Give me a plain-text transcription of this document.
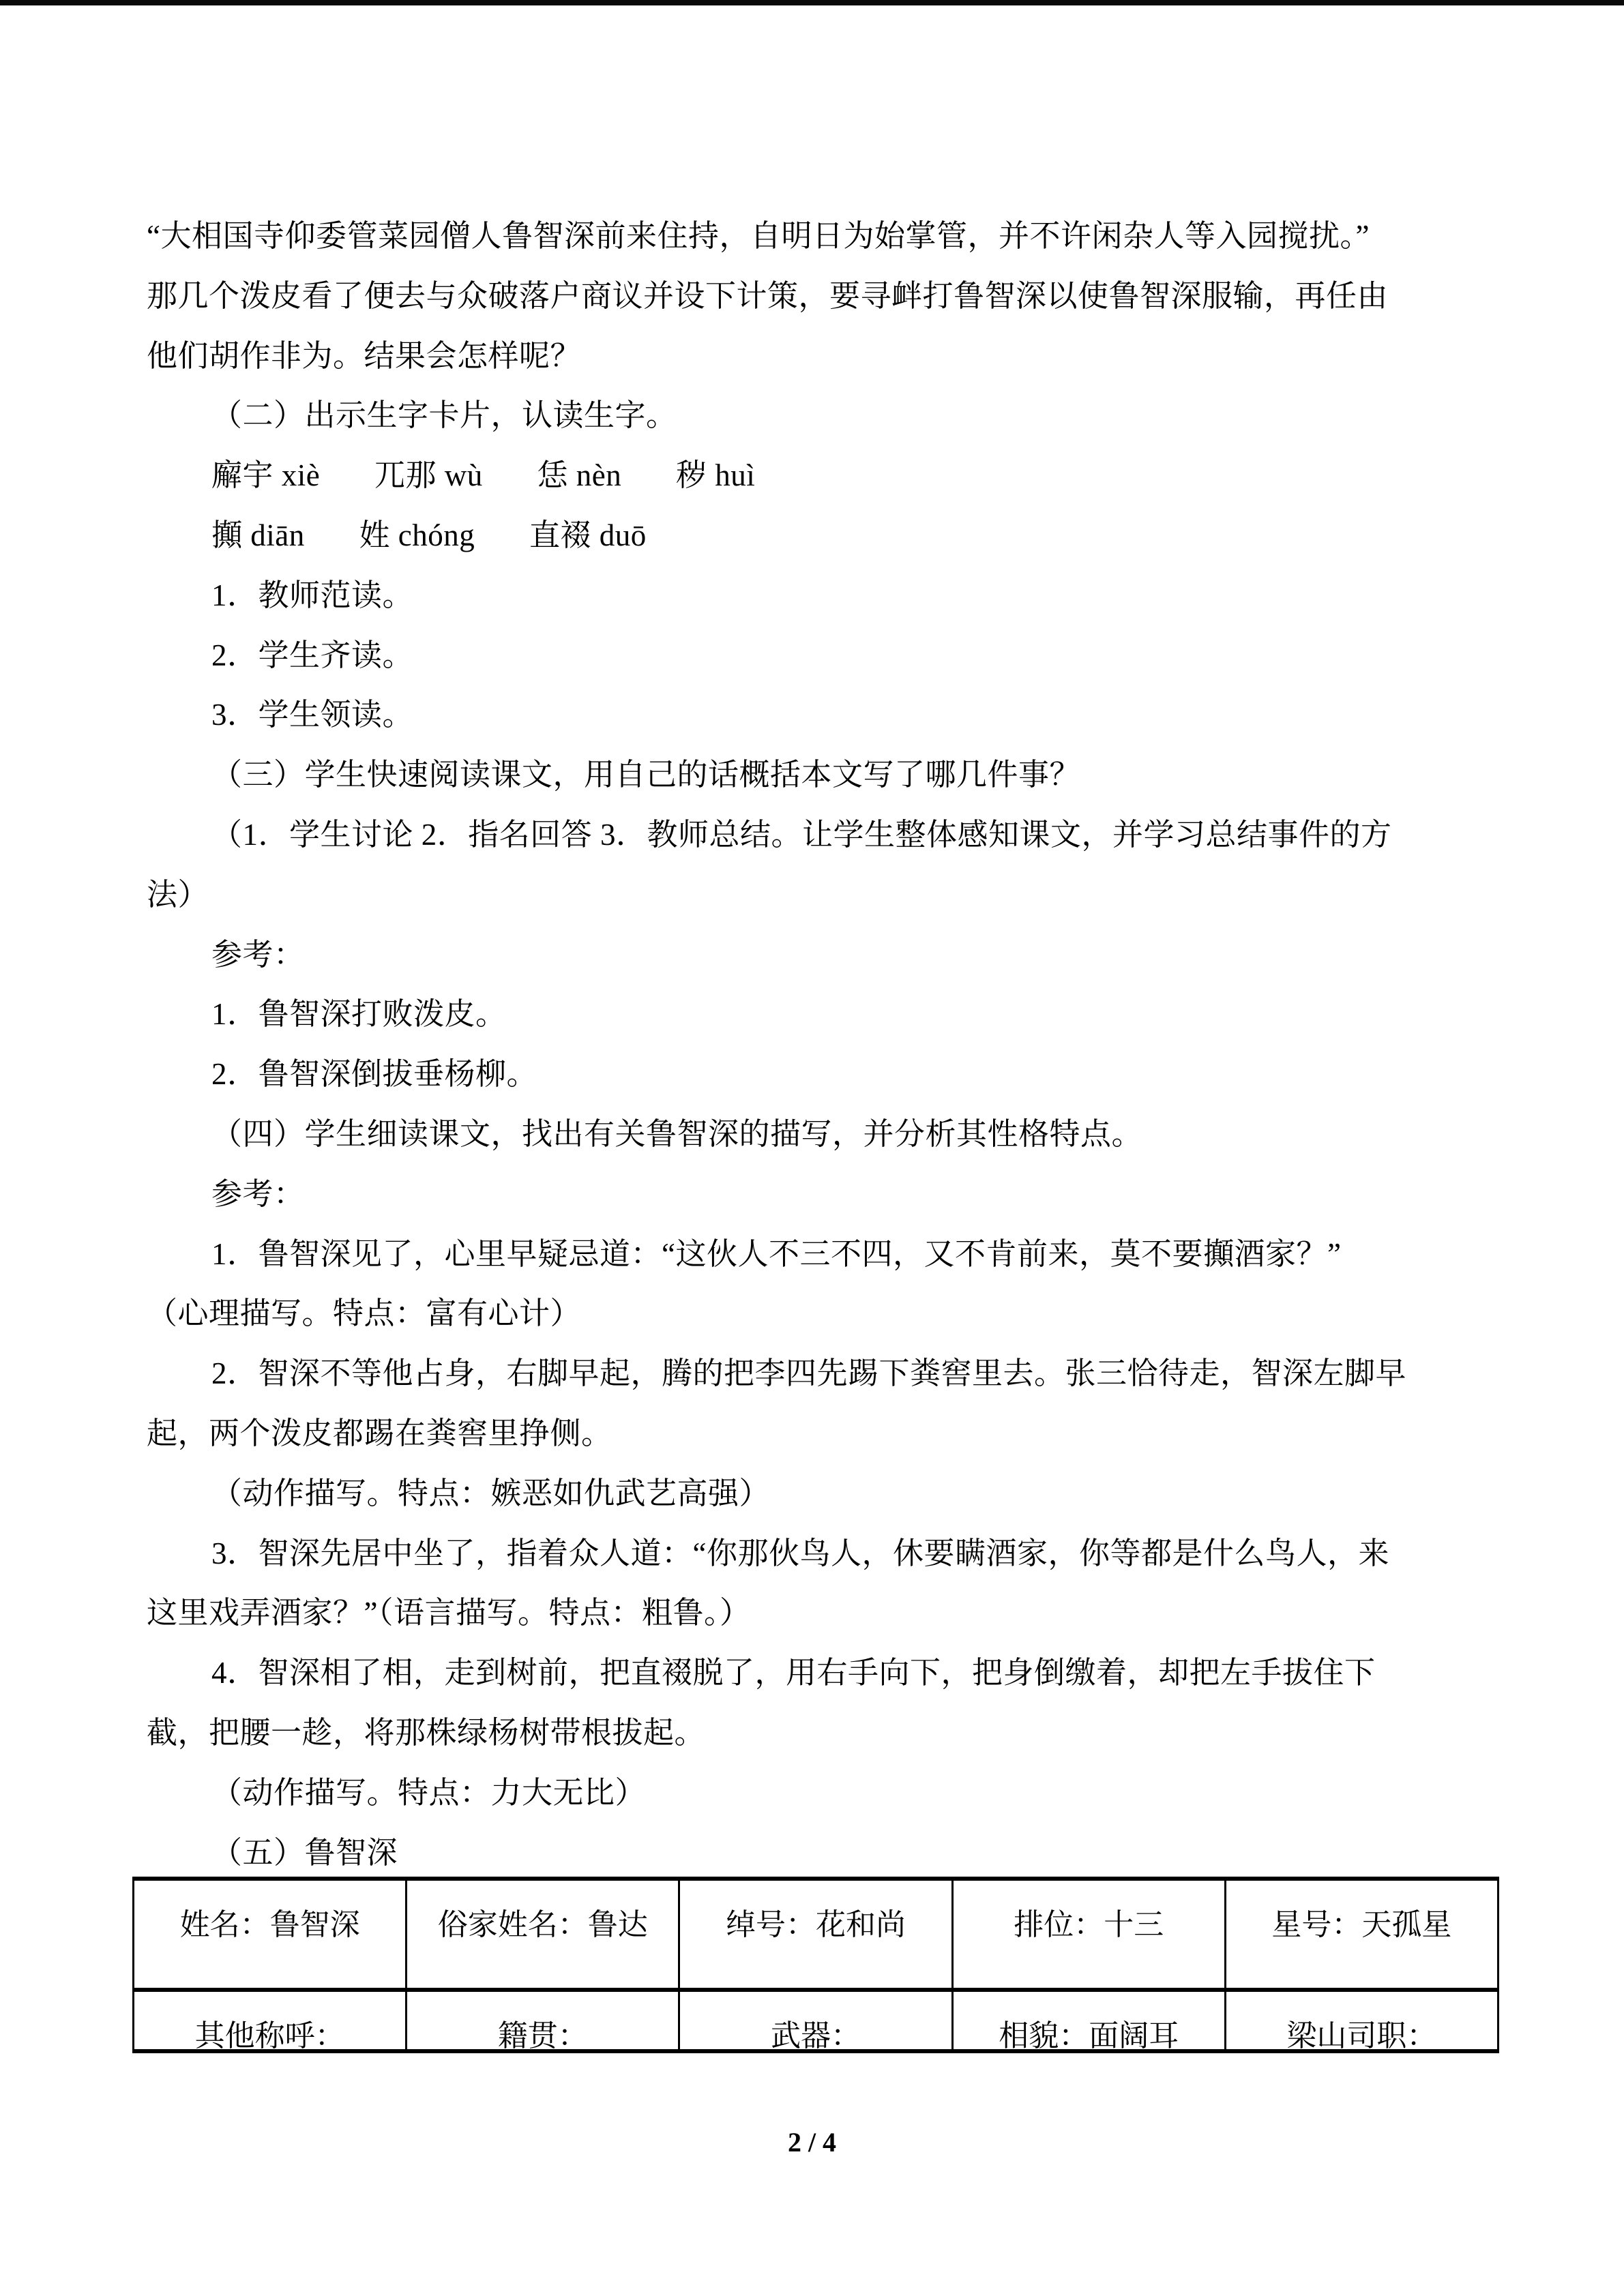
“大相国寺仰委管菜园僧人鲁智深前来住持，自明日为始掌管，并不许闲杂人等入园搅扰。”
那几个泼皮看了便去与众破落户商议并设下计策，要寻衅打鲁智深以使鲁智深服输，再任由
他们胡作非为。结果会怎样呢？
（二）出示生字卡片，认读生字。
廨宇 xiè 兀那 wù 恁 nèn 秽 huì
攧 diān 姓 chóng 直裰 duō
1．教师范读。
2．学生齐读。
3．学生领读。
（三）学生快速阅读课文，用自己的话概括本文写了哪几件事？
（1．学生讨论 2．指名回答 3．教师总结。让学生整体感知课文，并学习总结事件的方
法）
参考：
1．鲁智深打败泼皮。
2．鲁智深倒拔垂杨柳。
（四）学生细读课文，找出有关鲁智深的描写，并分析其性格特点。
参考：
1．鲁智深见了，心里早疑忌道：“这伙人不三不四，又不肯前来，莫不要攧酒家？”
（心理描写。特点：富有心计）
2．智深不等他占身，右脚早起，腾的把李四先踢下粪窖里去。张三恰待走，智深左脚早
起，两个泼皮都踢在粪窖里挣侧。
（动作描写。特点：嫉恶如仇武艺高强）
3．智深先居中坐了，指着众人道：“你那伙鸟人，休要瞒酒家，你等都是什么鸟人，来
这里戏弄酒家？”（语言描写。特点：粗鲁。）
4．智深相了相，走到树前，把直裰脱了，用右手向下，把身倒缴着，却把左手拔住下
截，把腰一趁，将那株绿杨树带根拔起。
（动作描写。特点：力大无比）
（五）鲁智深
姓名：鲁智深	俗家姓名：鲁达	绰号：花和尚	排位：十三	星号：天孤星
其他称呼：	籍贯：	武器：	相貌：面阔耳	梁山司职：
2 / 4
